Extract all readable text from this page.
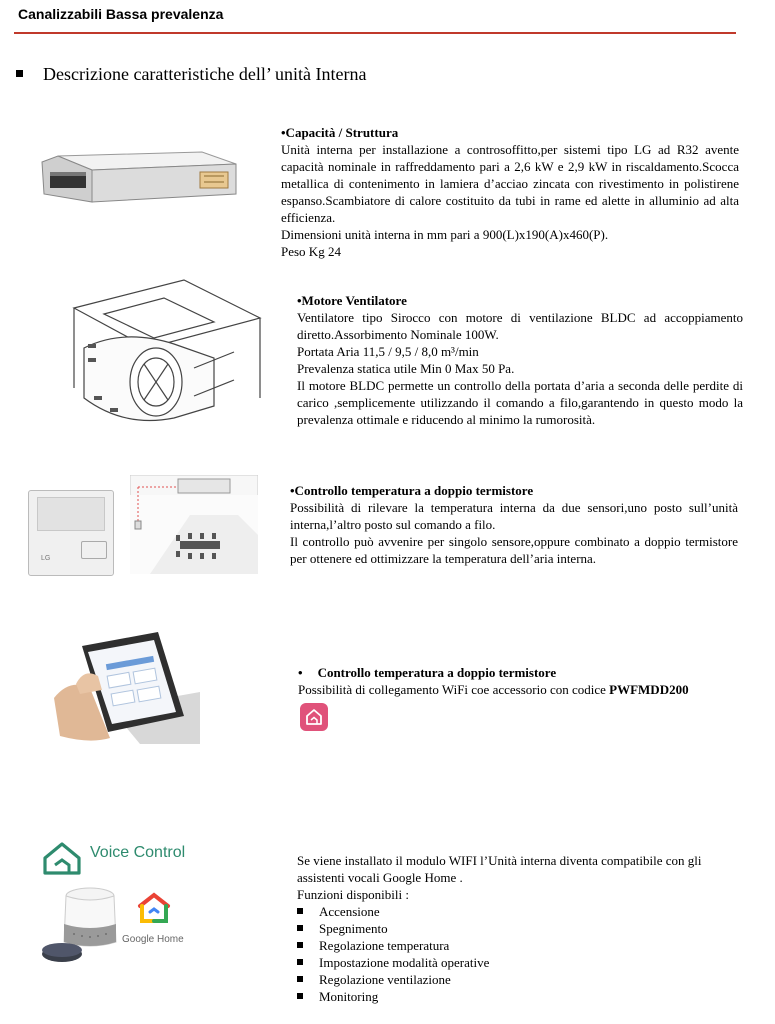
Canalizzabili Bassa prevalenza
Descrizione caratteristiche dell’ unità Interna
•Capacità / Struttura

Unità interna per installazione a controsoffitto,per sistemi tipo LG ad R32 avente capacità nominale in raffreddamento pari a 2,6 kW e 2,9 kW in riscaldamento.Scocca metallica di contenimento in lamiera d’acciao zincata con rivestimento in polistirene espanso.Scambiatore di calore costituito da tubi in rame ed alette in alluminio ad alta efficienza.

Dimensioni unità interna in mm pari a 900(L)x190(A)x460(P).

Peso Kg 24

•Motore Ventilatore

Ventilatore tipo Sirocco con motore di ventilazione BLDC ad accoppiamento diretto.Assorbimento Nominale 100W.

Portata Aria 11,5 / 9,5 / 8,0 m³/min

Prevalenza statica utile Min 0 Max 50 Pa.

Il motore BLDC permette un controllo della portata d’aria a seconda delle perdite di carico ,semplicemente utilizzando il comando a filo,garantendo in questo modo la prevalenza ottimale e riducendo al minimo la rumorosità.

LG
•Controllo temperatura a doppio termistore

Possibilità di rilevare la temperatura interna da due sensori,uno posto sull’unità interna,l’altro posto sul comando a filo.

Il controllo può avvenire per singolo sensore,oppure combinato a doppio termistore per ottenere ed ottimizzare la temperatura dell’aria interna.

• Controllo temperatura a doppio termistore

Possibilità di collegamento WiFi coe accessorio con codice PWFMDD200

Voice Control
Google Home

Se viene installato il modulo WIFI l’Unità interna diventa compatibile con gli assistenti vocali Google Home .

Funzioni disponibili :

Accensione
Spegnimento
Regolazione temperatura
Impostazione modalità operative
Regolazione ventilazione
Monitoring
